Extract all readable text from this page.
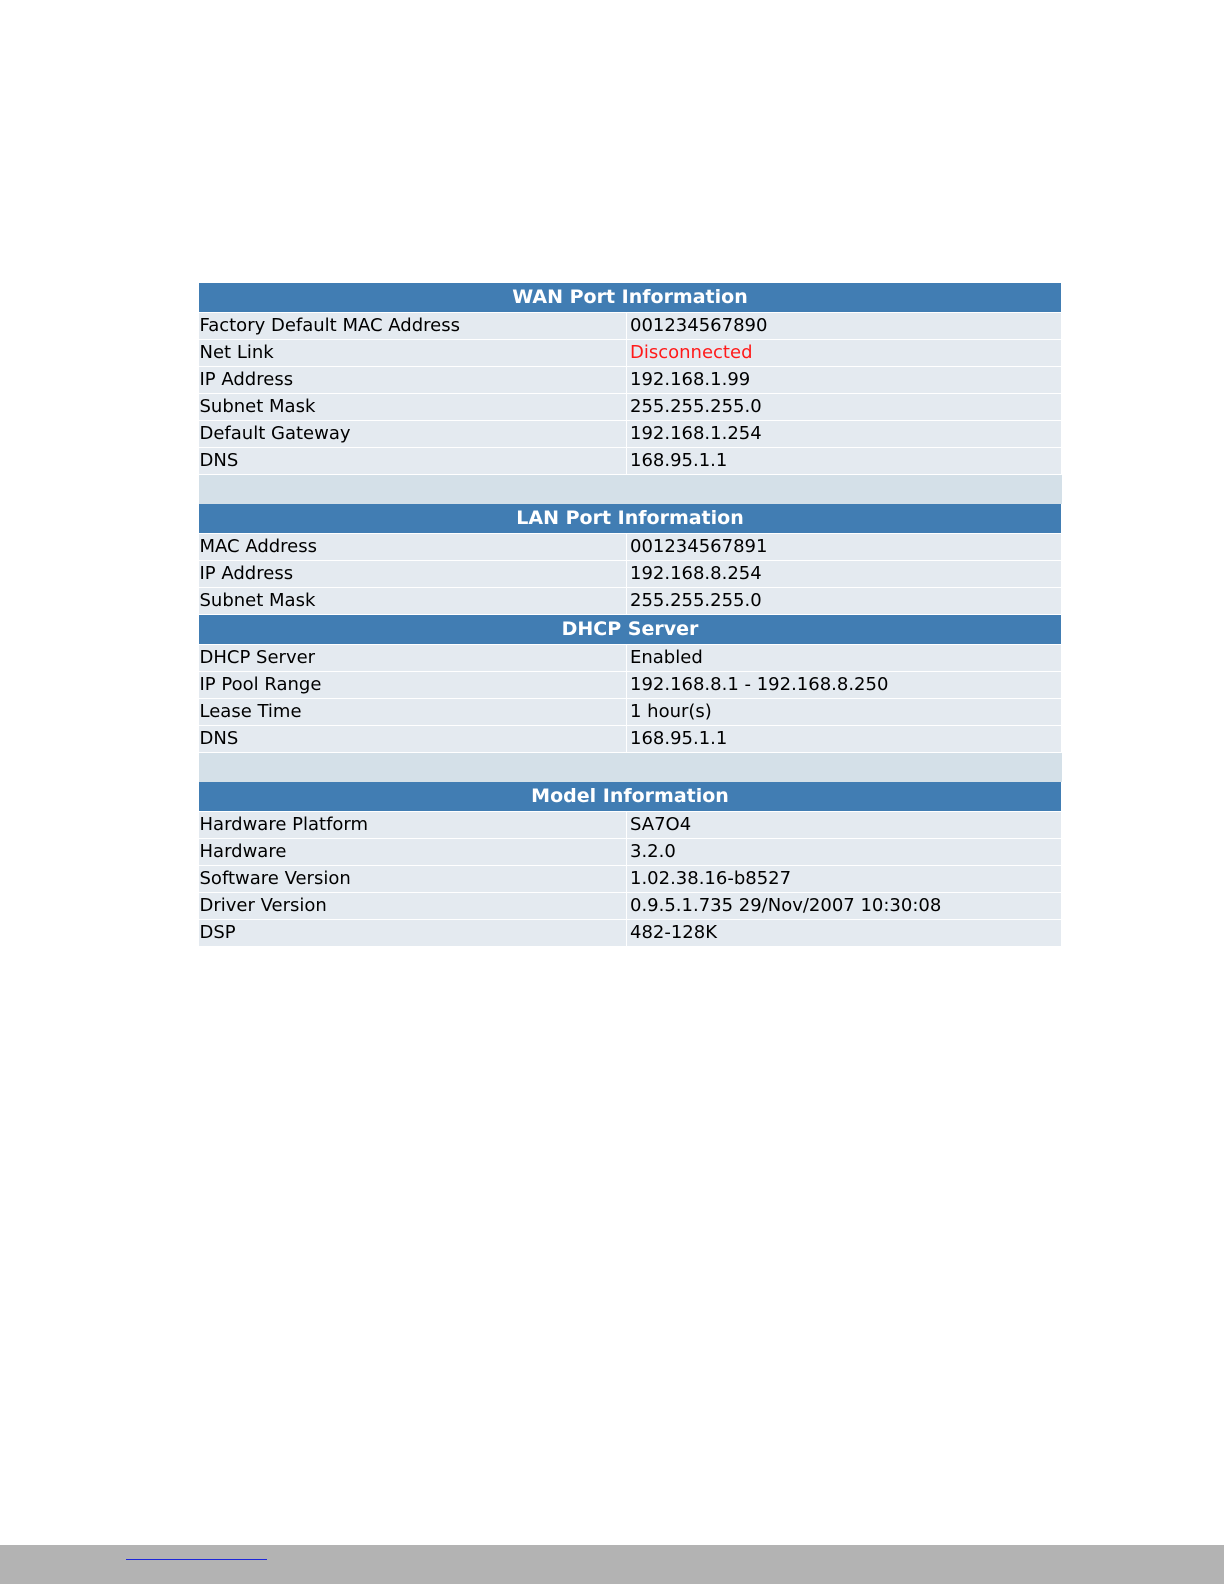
WAN Port Information	
Factory Default MAC Address	001234567890
Net Link	Disconnected
IP Address	192.168.1.99
Subnet Mask	255.255.255.0
Default Gateway	192.168.1.254
DNS	168.95.1.1

LAN Port Information	
MAC Address	001234567891
IP Address	192.168.8.254
Subnet Mask	255.255.255.0
DHCP Server	
DHCP Server	Enabled
IP Pool Range	192.168.8.1 - 192.168.8.250
Lease Time	1 hour(s)
DNS	168.95.1.1

Model Information	
Hardware Platform	SA7O4
Hardware	3.2.0
Software Version	1.02.38.16-b8527
Driver Version	0.9.5.1.735 29/Nov/2007 10:30:08
DSP	482-128K
